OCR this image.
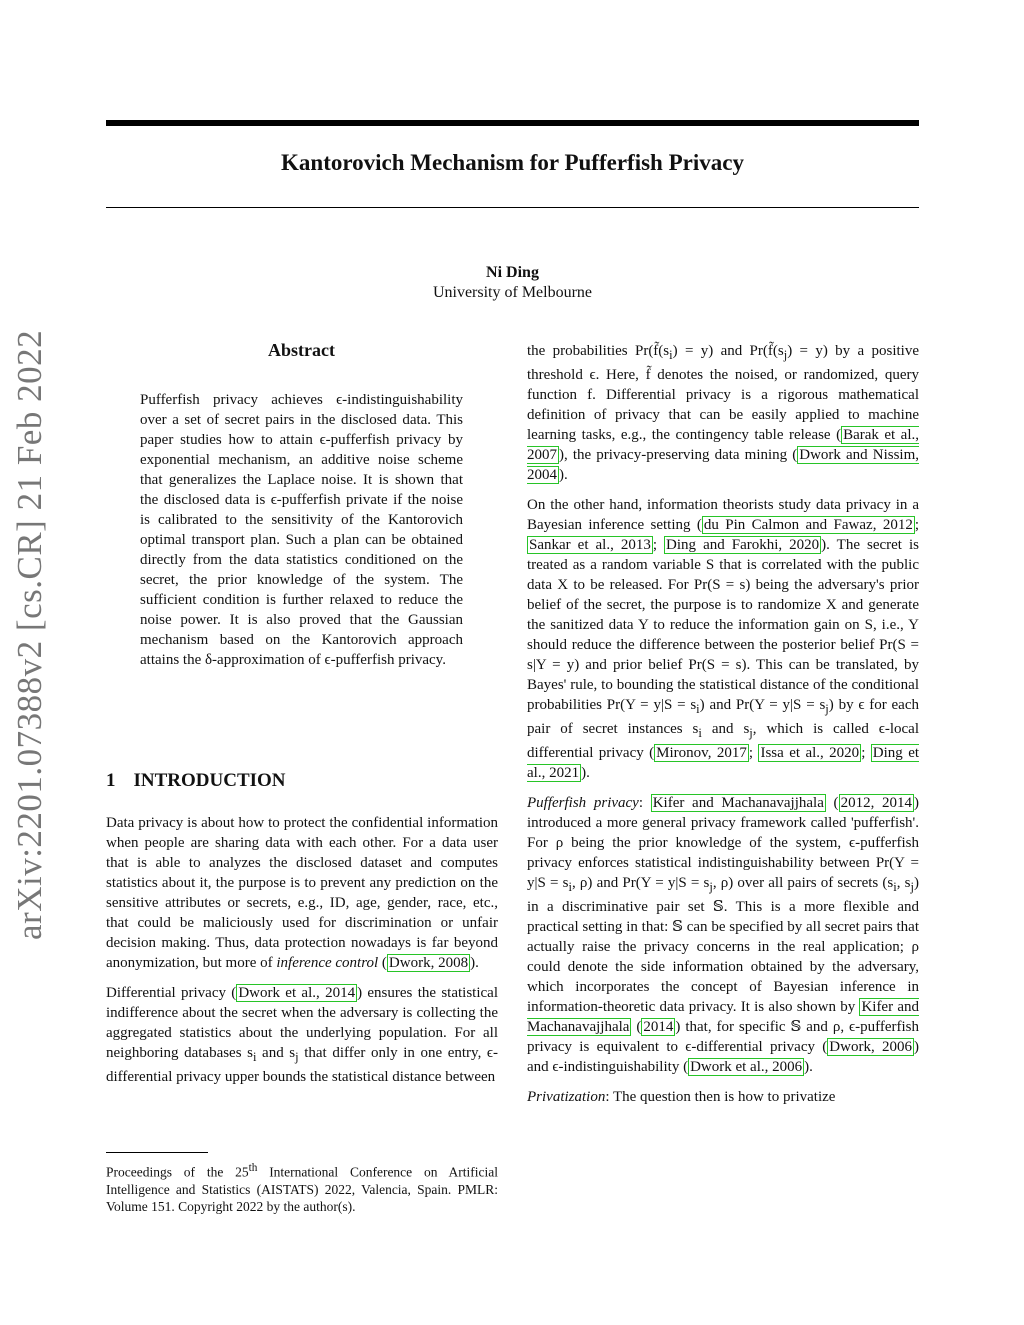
Kantorovich Mechanism for Pufferfish Privacy
Ni Ding
University of Melbourne
arXiv:2201.07388v2 [cs.CR] 21 Feb 2022	Abstract
Pufferfish privacy achieves ϵ-indistinguishability over a set of secret pairs in the disclosed data. This paper studies how to attain ϵ-pufferfish privacy by exponential mechanism, an additive noise scheme that generalizes the Laplace noise. It is shown that the disclosed data is ϵ-pufferfish private if the noise is calibrated to the sensitivity of the Kantorovich optimal transport plan. Such a plan can be obtained directly from the data statistics conditioned on the secret, the prior knowledge of the system. The sufficient condition is further relaxed to reduce the noise power. It is also proved that the Gaussian mechanism based on the Kantorovich approach attains the δ-approximation of ϵ-pufferfish privacy.
1 INTRODUCTION

Data privacy is about how to protect the confidential information when people are sharing data with each other. For a data user that is able to analyzes the disclosed dataset and computes statistics about it, the purpose is to prevent any prediction on the sensitive attributes or secrets, e.g., ID, age, gender, race, etc., that could be maliciously used for discrimination or unfair decision making. Thus, data protection nowadays is far beyond anonymization, but more of inference control ( Dwork, 2008 ).

Differential privacy ( Dwork et al., 2014 ) ensures the statistical indifference about the secret when the adversary is collecting the aggregated statistics about the underlying population. For all neighboring databases $s_i$ and $s_j$ that differ only in one entry, ϵ-differential privacy upper bounds the statistical distance between

Proceedings of the 25th International Conference on Artificial Intelligence and Statistics (AISTATS) 2022, Valencia, Spain. PMLR: Volume 151. Copyright 2022 by the author(s).

the probabilities $Pr(f̃(s_i) = y)$ and $Pr(f̃(s_j) = y)$ by a positive threshold ϵ. Here, f̃ denotes the noised, or randomized, query function f. Differential privacy is a rigorous mathematical definition of privacy that can be easily applied to machine learning tasks, e.g., the contingency table release ( Barak et al., 2007 ), the privacy-preserving data mining ( Dwork and Nissim, 2004 ).

On the other hand, information theorists study data privacy in a Bayesian inference setting ( du Pin Calmon and Fawaz, 2012 ; Sankar et al., 2013 ; Ding and Farokhi, 2020 ). The secret is treated as a random variable S that is correlated with the public data X to be released. For Pr(S = s) being the adversary's prior belief of the secret, the purpose is to randomize X and generate the sanitized data Y to reduce the information gain on S, i.e., Y should reduce the difference between the posterior belief Pr(S = s|Y = y) and prior belief Pr(S = s). This can be translated, by Bayes' rule, to bounding the statistical distance of the conditional probabilities $Pr(Y = y|S = s_i)$ and $Pr(Y = y|S = s_j)$ by ϵ for each pair of secret instances $s_i$ and $s_j$, which is called ϵ-local differential privacy ( Mironov, 2017 ; Issa et al., 2020 ; Ding et al., 2021 ).

Pufferfish privacy: Kifer and Machanavajjhala ( 2012, 2014 ) introduced a more general privacy framework called 'pufferfish'. For ρ being the prior knowledge of the system, ϵ-pufferfish privacy enforces statistical indistinguishability between $Pr(Y = y|S = s_i$, ρ) and $Pr(Y = y|S = s_j$, ρ) over all pairs of secrets ($s_i$, $s_j$) in a discriminative pair set 𝕊. This is a more flexible and practical setting in that: 𝕊 can be specified by all secret pairs that actually raise the privacy concerns in the real application; ρ could denote the side information obtained by the adversary, which incorporates the concept of Bayesian inference in information-theoretic data privacy. It is also shown by Kifer and Machanavajjhala ( 2014 ) that, for specific 𝕊 and ρ, ϵ-pufferfish privacy is equivalent to ϵ-differential privacy ( Dwork, 2006 ) and ϵ-indistinguishability ( Dwork et al., 2006 ).

Privatization: The question then is how to privatize
